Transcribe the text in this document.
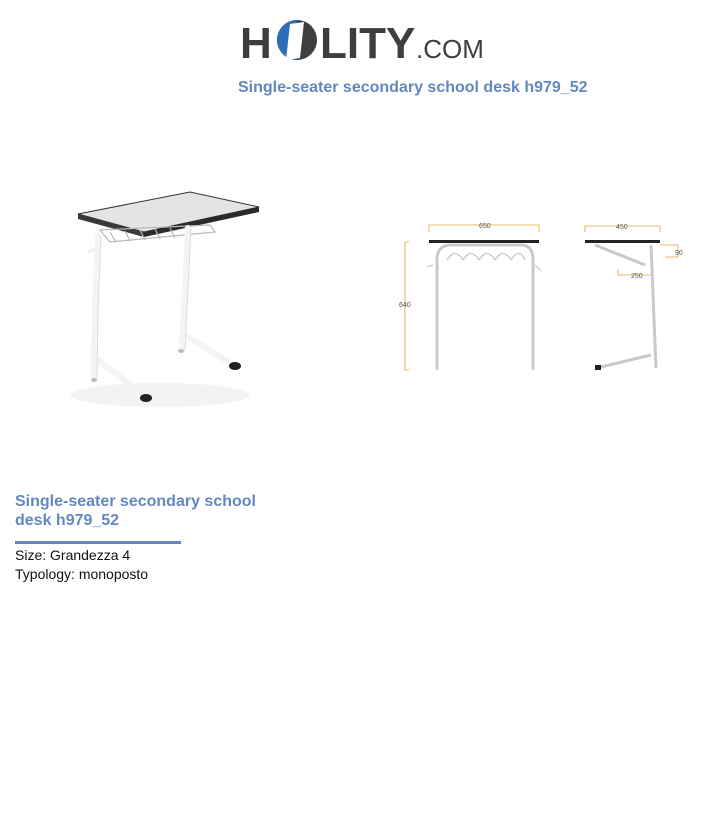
H LITY .COM
Single-seater secondary school desk h979_52
650
640
450
90
250
Single-seater secondary school desk h979_52
Size: Grandezza 4
Typology: monoposto
